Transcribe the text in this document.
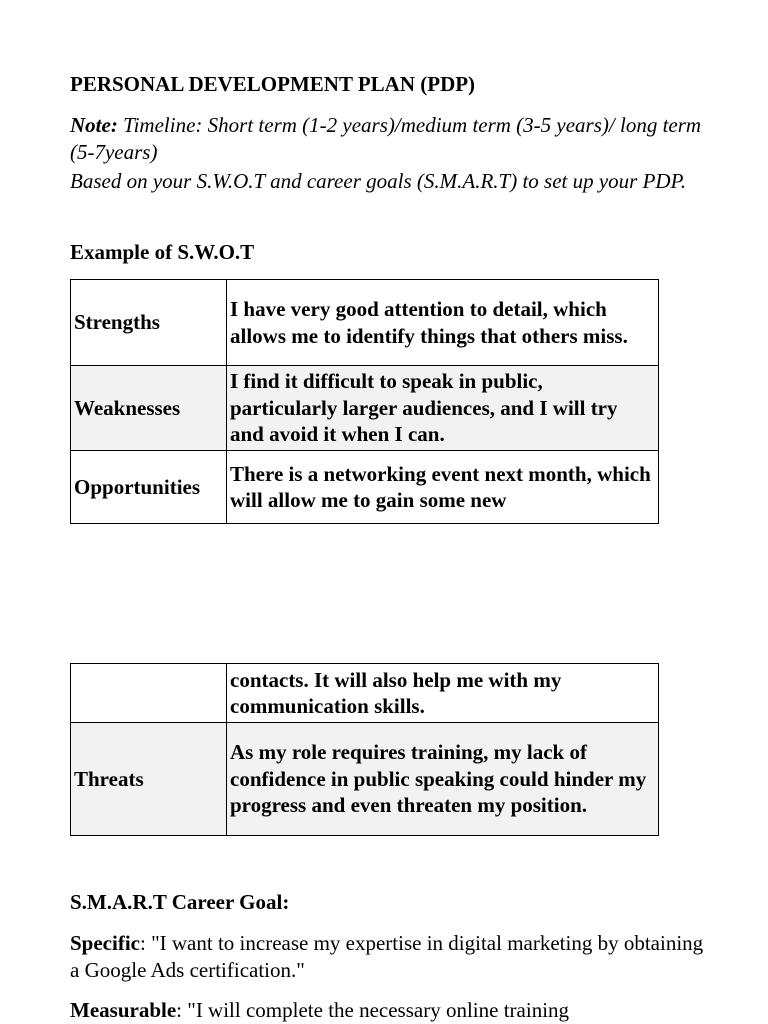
PERSONAL DEVELOPMENT PLAN (PDP)
Note: Timeline: Short term (1-2 years)/medium term (3-5 years)/ long term (5-7years)
Based on your S.W.O.T and career goals (S.M.A.R.T) to set up your PDP.
Example of S.W.O.T
Strengths	I have very good attention to detail, which allows me to identify things that others miss.
Weaknesses	I find it difficult to speak in public, particularly larger audiences, and I will try and avoid it when I can.
Opportunities	There is a networking event next month, which will allow me to gain some new
	contacts. It will also help me with my communication skills.
Threats	As my role requires training, my lack of confidence in public speaking could hinder my progress and even threaten my position.
S.M.A.R.T Career Goal:
Specific: "I want to increase my expertise in digital marketing by obtaining a Google Ads certification."
Measurable: "I will complete the necessary online training
